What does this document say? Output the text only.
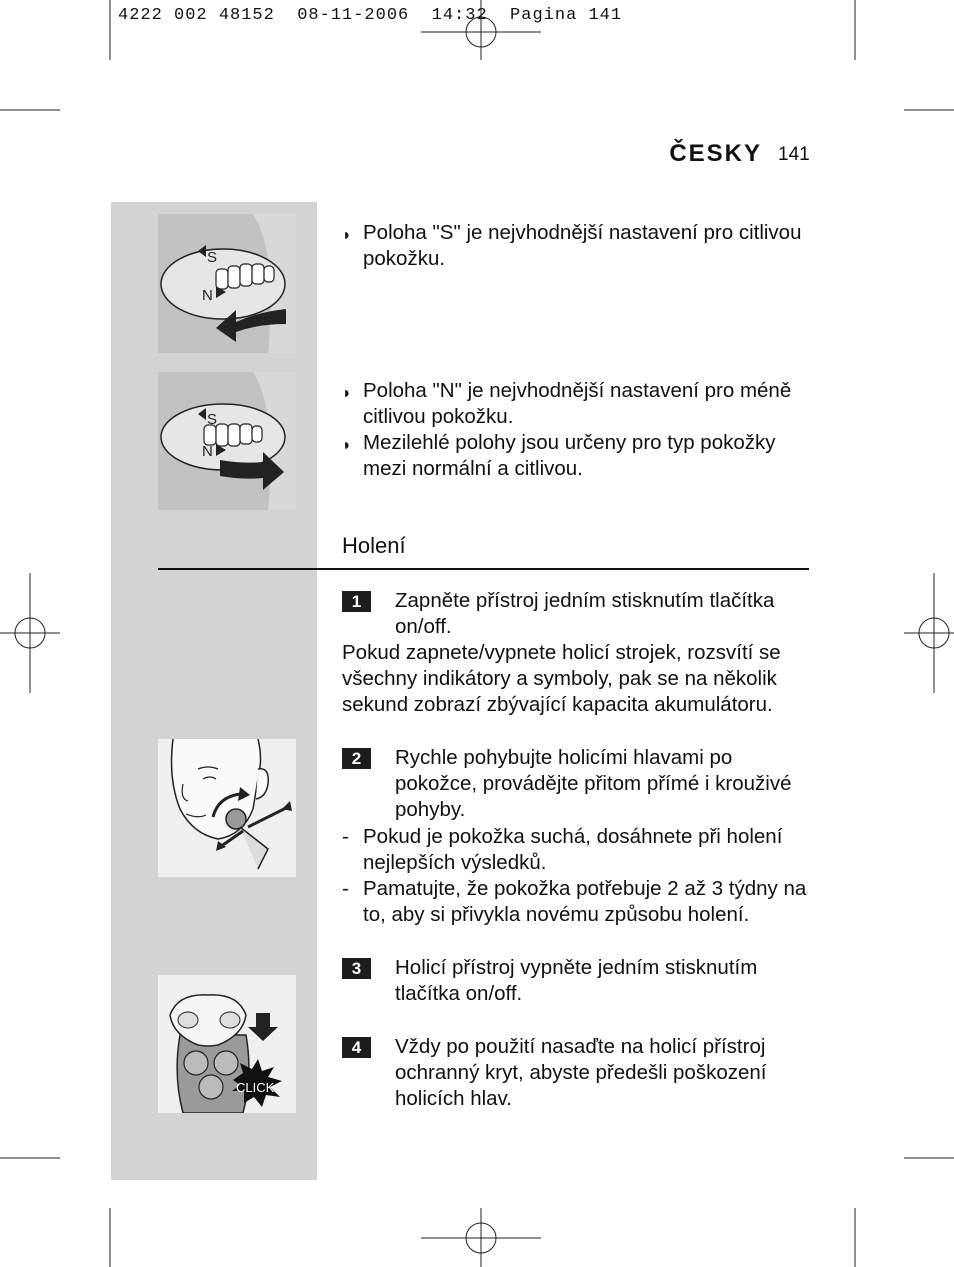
4222 002 48152  08-11-2006  14:32  Pagina 141
ČESKY 141
S
N
S
N
CLICK
◗ Poloha "S" je nejvhodnější nastavení pro citlivou pokožku.
◗ Poloha "N" je nejvhodnější nastavení pro méně citlivou pokožku.
◗ Mezilehlé polohy jsou určeny pro typ pokožky mezi normální a citlivou.
Holení
1	Zapněte přístroj jedním stisknutím tlačítka on/off.
Pokud zapnete/vypnete holicí strojek, rozsvítí se všechny indikátory a symboly, pak se na několik sekund zobrazí zbývající kapacita akumulátoru.
2	Rychle pohybujte holicími hlavami po pokožce, provádějte přitom přímé i krouživé pohyby.
- Pokud je pokožka suchá, dosáhnete při holení nejlepších výsledků.
- Pamatujte, že pokožka potřebuje 2 až 3 týdny na to, aby si přivykla novému způsobu holení.
3	Holicí přístroj vypněte jedním stisknutím tlačítka on/off.
4	Vždy po použití nasaďte na holicí přístroj ochranný kryt, abyste předešli poškození holicích hlav.
